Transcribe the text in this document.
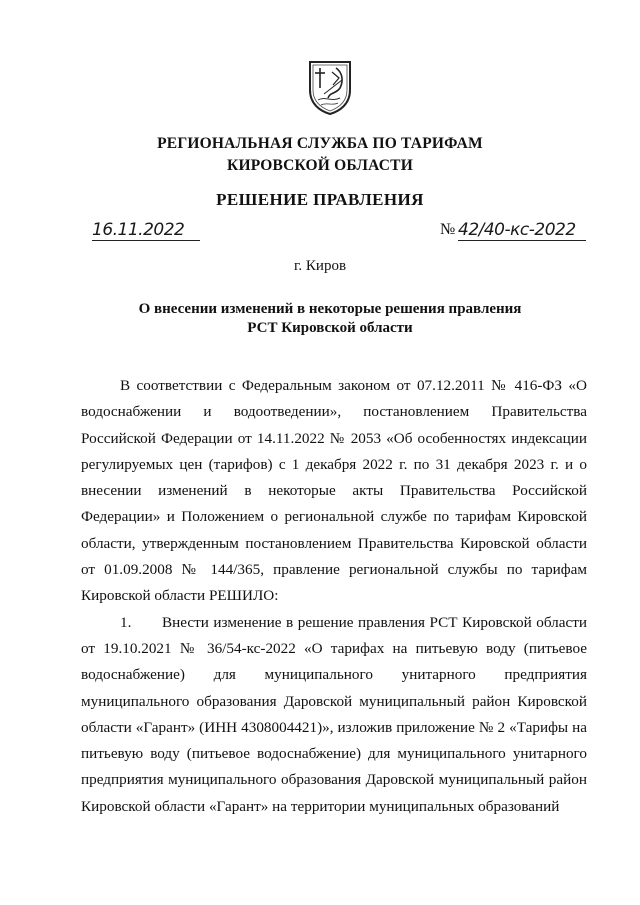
РЕГИОНАЛЬНАЯ СЛУЖБА ПО ТАРИФАМ
КИРОВСКОЙ ОБЛАСТИ
РЕШЕНИЕ ПРАВЛЕНИЯ
16.11.2022	№ 42/40-кс-2022
г. Киров
О внесении изменений в некоторые решения правления
РСТ Кировской области

В соответствии с Федеральным законом от 07.12.2011 № 416-ФЗ «О водоснабжении и водоотведении», постановлением Правительства Российской Федерации от 14.11.2022 № 2053 «Об особенностях индексации регулируемых цен (тарифов) с 1 декабря 2022 г. по 31 декабря 2023 г. и о внесении изменений в некоторые акты Правительства Российской Федерации» и Положением о региональной службе по тарифам Кировской области, утвержденным постановлением Правительства Кировской области от 01.09.2008 № 144/365, правление региональной службы по тарифам Кировской области РЕШИЛО:

1. Внести изменение в решение правления РСТ Кировской области от 19.10.2021 № 36/54-кс-2022 «О тарифах на питьевую воду (питьевое водоснабжение) для муниципального унитарного предприятия муниципального образования Даровской муниципальный район Кировской области «Гарант» (ИНН 4308004421)», изложив приложение № 2 «Тарифы на питьевую воду (питьевое водоснабжение) для муниципального унитарного предприятия муниципального образования Даровской муниципальный район Кировской области «Гарант» на территории муниципальных образований
